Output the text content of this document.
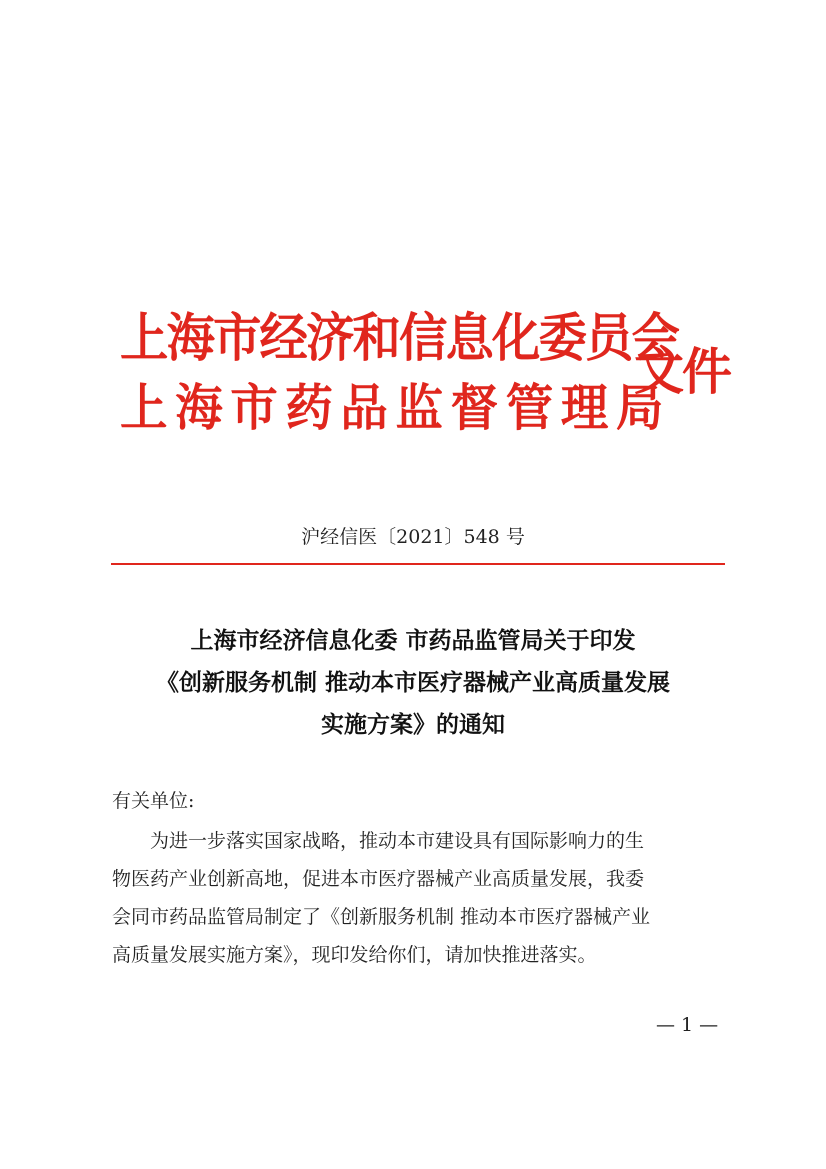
上海市经济和信息化委员会
上海市药品监督管理局
文件
沪经信医〔2021〕548 号
上海市经济信息化委 市药品监管局关于印发
《创新服务机制 推动本市医疗器械产业高质量发展
实施方案》的通知
有关单位:
为进一步落实国家战略，推动本市建设具有国际影响力的生
物医药产业创新高地，促进本市医疗器械产业高质量发展，我委
会同市药品监管局制定了《创新服务机制 推动本市医疗器械产业
高质量发展实施方案》，现印发给你们，请加快推进落实。
— 1 —
